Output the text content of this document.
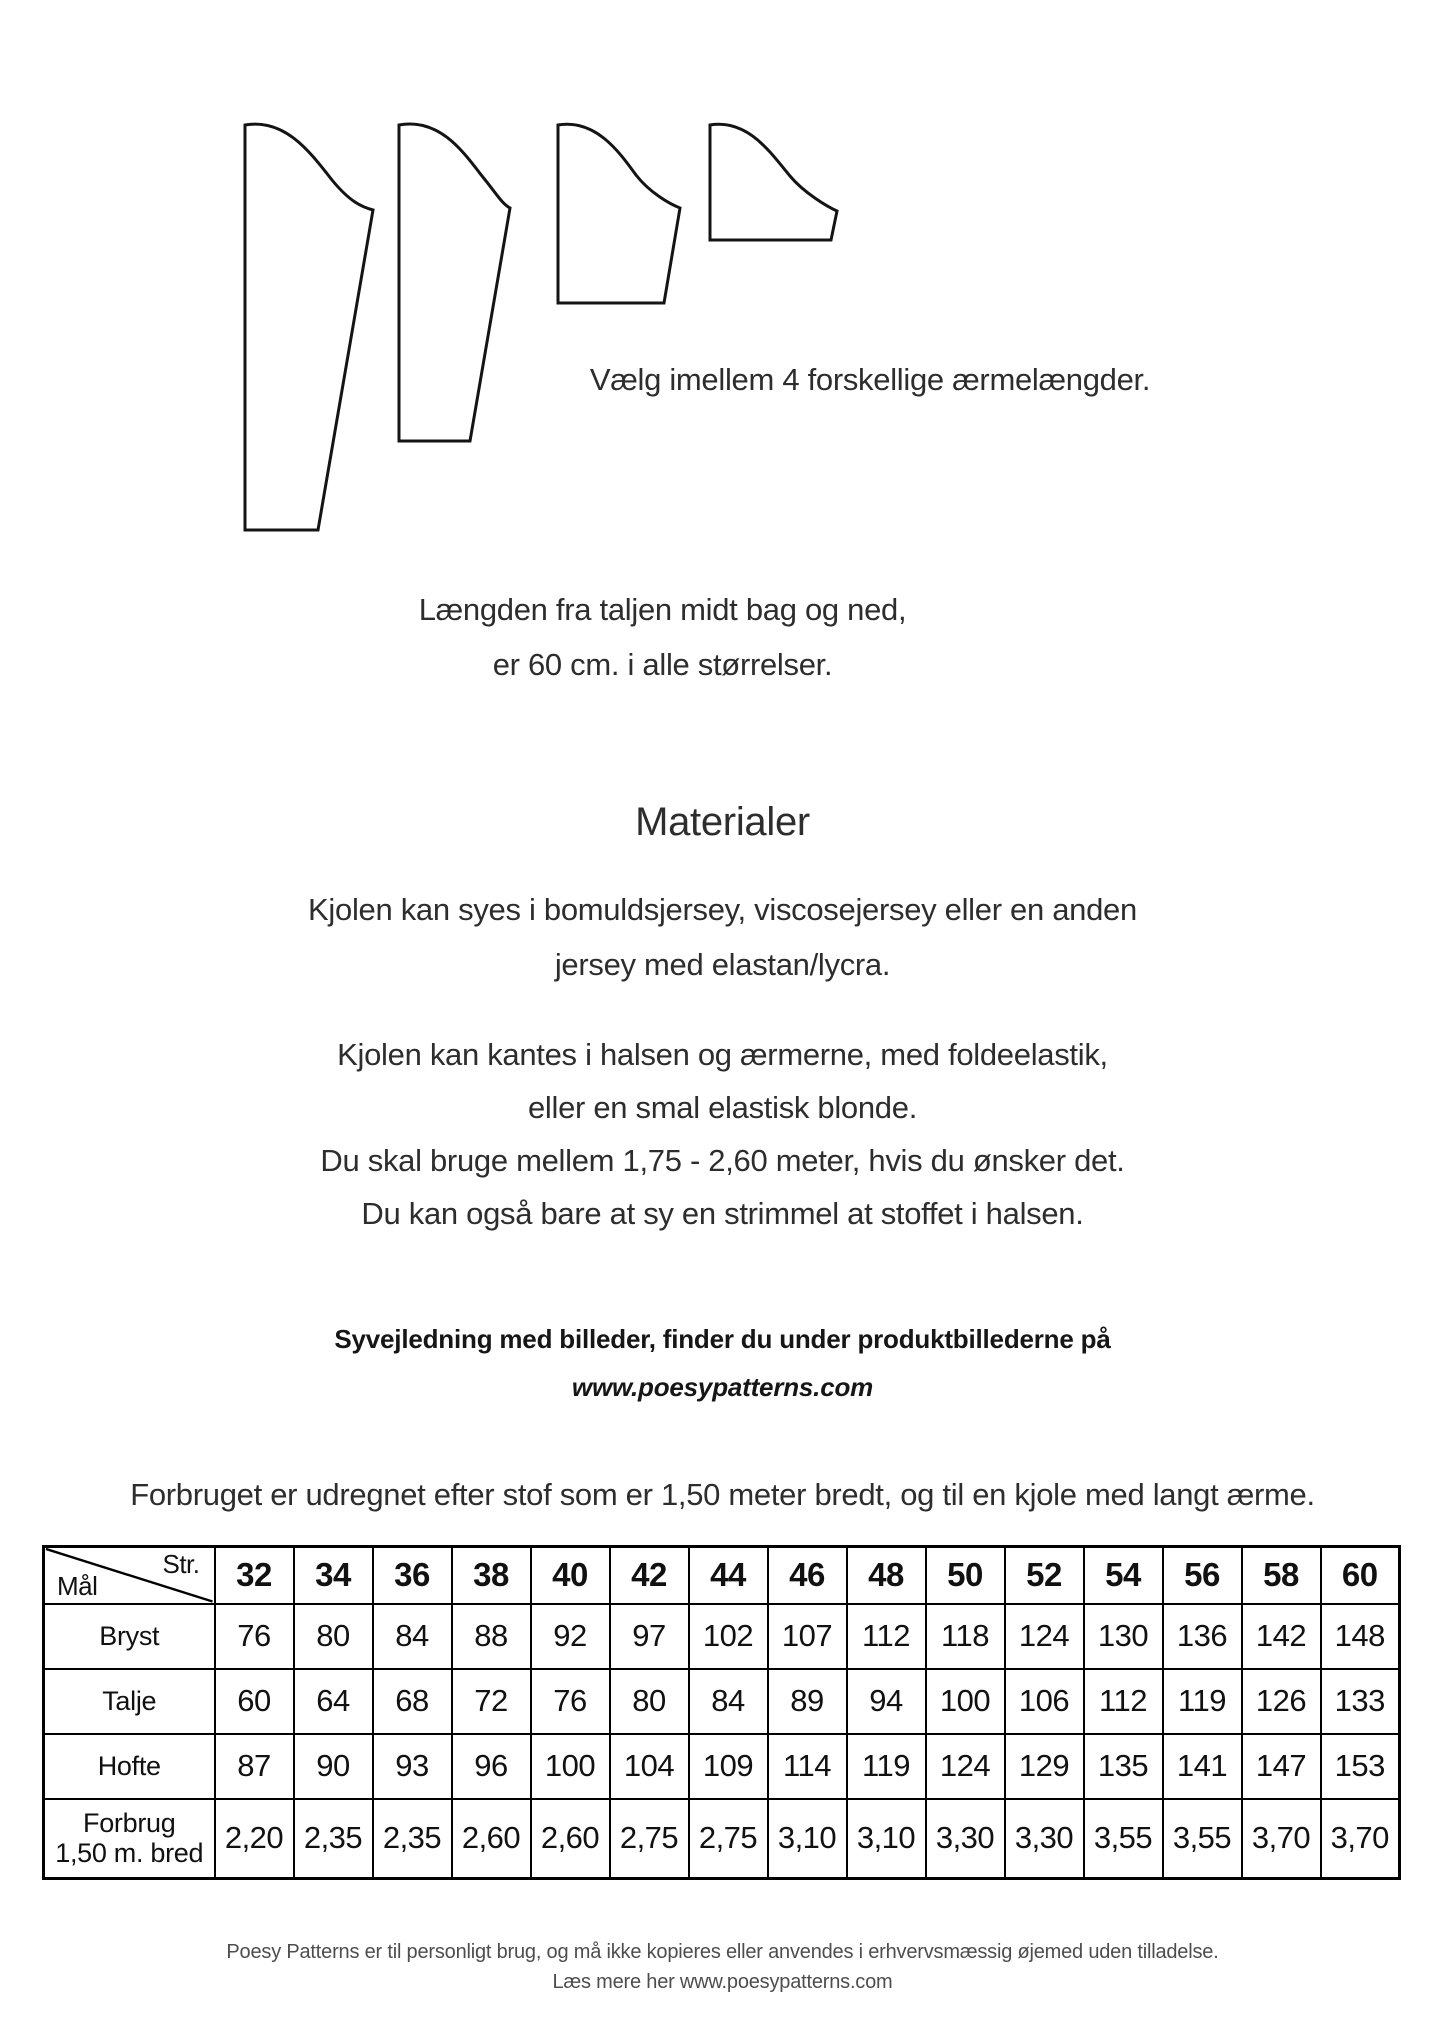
Vælg imellem 4 forskellige ærmelængder.
Længden fra taljen midt bag og ned,
er 60 cm. i alle størrelser.
Materialer
Kjolen kan syes i bomuldsjersey, viscosejersey eller en anden
jersey med elastan/lycra.
Kjolen kan kantes i halsen og ærmerne, med foldeelastik,
eller en smal elastisk blonde.
Du skal bruge mellem 1,75 - 2,60 meter, hvis du ønsker det.
Du kan også bare at sy en strimmel at stoffet i halsen.
Syvejledning med billeder, finder du under produktbillederne på
www.poesypatterns.com
Forbruget er udregnet efter stof som er 1,50 meter bredt, og til en kjole med langt ærme.
Str.
Mål	32	34	36	38	40	42	44	46	48	50	52	54	56	58	60

Bryst	76	80	84	88	92	97	102	107	112	118	124	130	136	142	148

Talje	60	64	68	72	76	80	84	89	94	100	106	112	119	126	133

Hofte	87	90	93	96	100	104	109	114	119	124	129	135	141	147	153

Forbrug
1,50 m. bred	2,20	2,35	2,35	2,60	2,60	2,75	2,75	3,10	3,10	3,30	3,30	3,55	3,55	3,70	3,70
Poesy Patterns er til personligt brug, og må ikke kopieres eller anvendes i erhvervsmæssig øjemed uden tilladelse.
Læs mere her www.poesypatterns.com
